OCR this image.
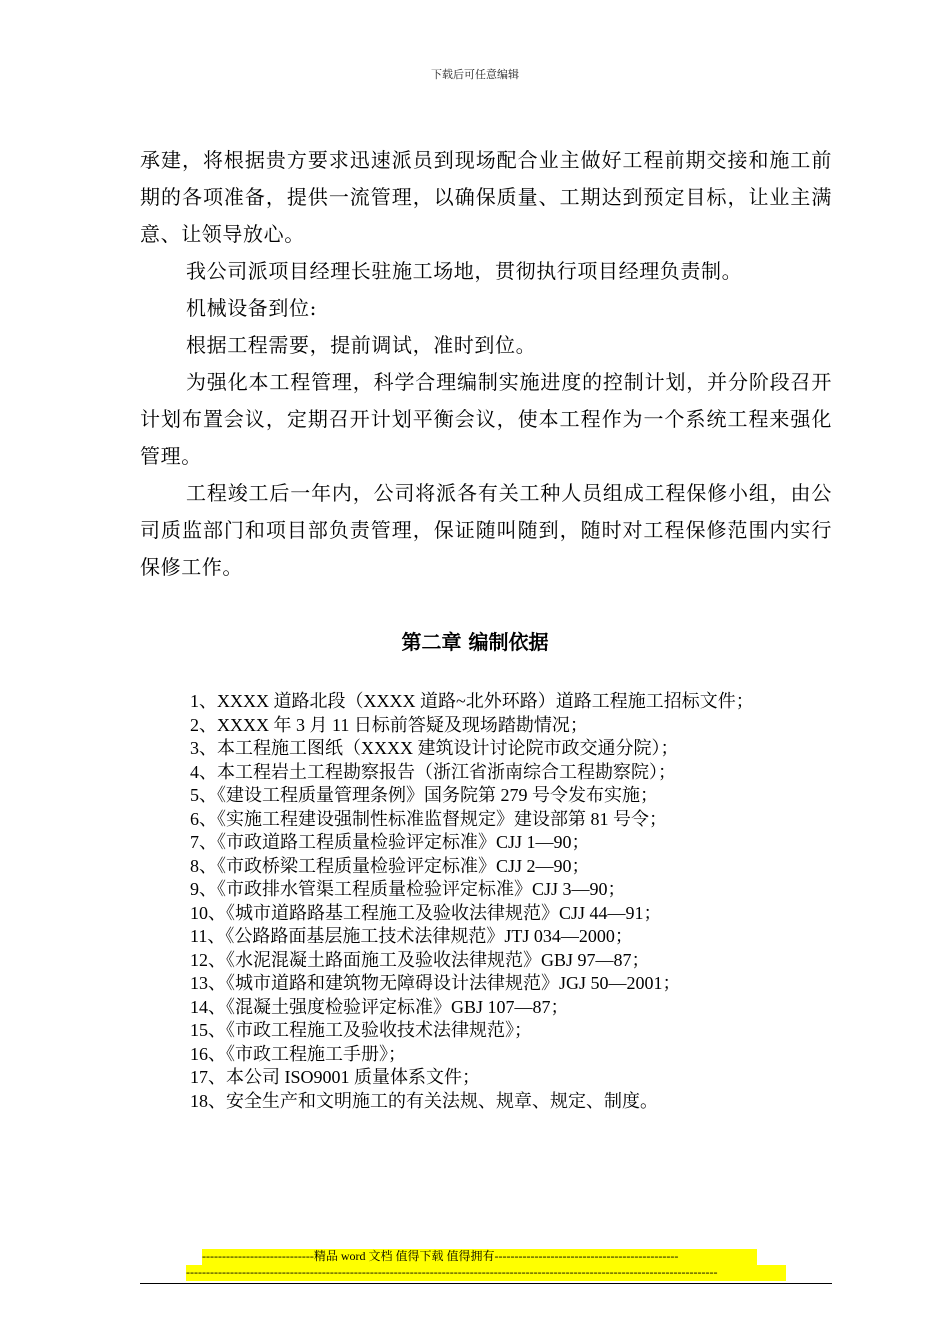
下载后可任意编辑

承建，将根据贵方要求迅速派员到现场配合业主做好工程前期交接和施工前期的各项准备，提供一流管理，以确保质量、工期达到预定目标，让业主满意、让领导放心。

我公司派项目经理长驻施工场地，贯彻执行项目经理负责制。

机械设备到位:

根据工程需要，提前调试，准时到位。

为强化本工程管理，科学合理编制实施进度的控制计划，并分阶段召开计划布置会议，定期召开计划平衡会议，使本工程作为一个系统工程来强化管理。

工程竣工后一年内，公司将派各有关工种人员组成工程保修小组，由公司质监部门和项目部负责管理，保证随叫随到，随时对工程保修范围内实行保修工作。

第二章 编制依据

1、XXXX 道路北段（XXXX 道路~北外环路）道路工程施工招标文件；

2、XXXX 年 3 月 11 日标前答疑及现场踏勘情况；

3、本工程施工图纸（XXXX 建筑设计讨论院市政交通分院）；

4、本工程岩土工程勘察报告（浙江省浙南综合工程勘察院）；

5、《建设工程质量管理条例》国务院第 279 号令发布实施；

6、《实施工程建设强制性标准监督规定》建设部第 81 号令；

7、《市政道路工程质量检验评定标准》CJJ 1—90；

8、《市政桥梁工程质量检验评定标准》CJJ 2—90；

9、《市政排水管渠工程质量检验评定标准》CJJ 3—90；

10、《城市道路路基工程施工及验收法律规范》CJJ 44—91；

11、《公路路面基层施工技术法律规范》JTJ 034—2000；

12、《水泥混凝土路面施工及验收法律规范》GBJ 97—87；

13、《城市道路和建筑物无障碍设计法律规范》JGJ 50—2001；

14、《混凝土强度检验评定标准》GBJ 107—87；

15、《市政工程施工及验收技术法律规范》；

16、《市政工程施工手册》；

17、本公司 ISO9001 质量体系文件；

18、安全生产和文明施工的有关法规、规章、规定、制度。

----------------------------精品 word 文档 值得下载 值得拥有----------------------------------------------
-------------------------------------------------------------------------------------------------------------------------------------
